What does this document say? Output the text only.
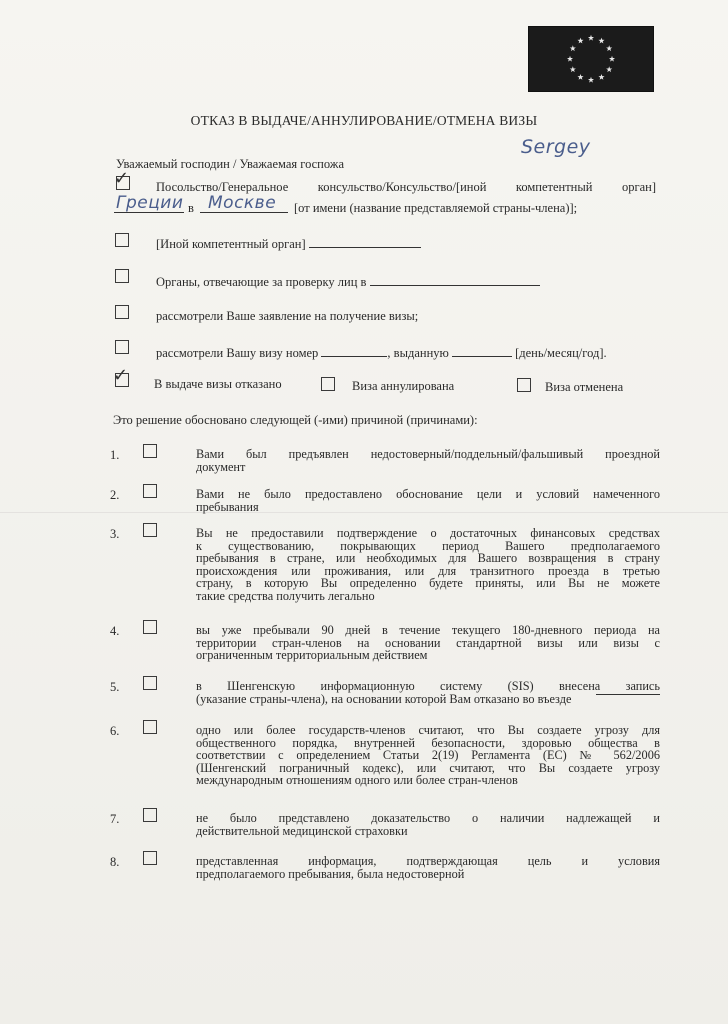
ОТКАЗ В ВЫДАЧЕ/АННУЛИРОВАНИЕ/ОТМЕНА ВИЗЫ
Sergey
Уважаемый господин / Уважаемая госпожа
✓ Посольство/Генеральное консульство/Консульство/[иной компетентный орган]
Греции в Москве [от имени (название представляемой страны-члена)];
[Иной компетентный орган]
Органы, отвечающие за проверку лиц в
рассмотрели Ваше заявление на получение визы;
рассмотрели Вашу визу номер	, выданную	[день/месяц/год].
✓ В выдаче визы отказано	Виза аннулирована	Виза отменена
Это решение обосновано следующей (-ими) причиной (причинами):
1.	Вами был предъявлен недостоверный/поддельный/фальшивый проездной
документ
2.	Вами не было предоставлено обоснование цели и условий намеченного
пребывания
3.	Вы не предоставили подтверждение о достаточных финансовых средствах
к существованию, покрывающих период Вашего предполагаемого
пребывания в стране, или необходимых для Вашего возвращения в страну
происхождения или проживания, или для транзитного проезда в третью
страну, в которую Вы определенно будете приняты, или Вы не можете
такие средства получить легально
4.	вы уже пребывали 90 дней в течение текущего 180-дневного периода на
территории стран-членов на основании стандартной визы или визы с
ограниченным территориальным действием
5.	в Шенгенскую информационную систему (SIS) внесена запись
(указание страны-члена), на основании которой Вам отказано во въезде
6.	одно или более государств-членов считают, что Вы создаете угрозу для
общественного порядка, внутренней безопасности, здоровью общества в
соответствии с определением Статьи 2(19) Регламента (ЕС) № 562/2006
(Шенгенский пограничный кодекс), или считают, что Вы создаете угрозу
международным отношениям одного или более стран-членов
7.	не было представлено доказательство о наличии надлежащей и
действительной медицинской страховки
8.	представленная информация, подтверждающая цель и условия
предполагаемого пребывания, была недостоверной
